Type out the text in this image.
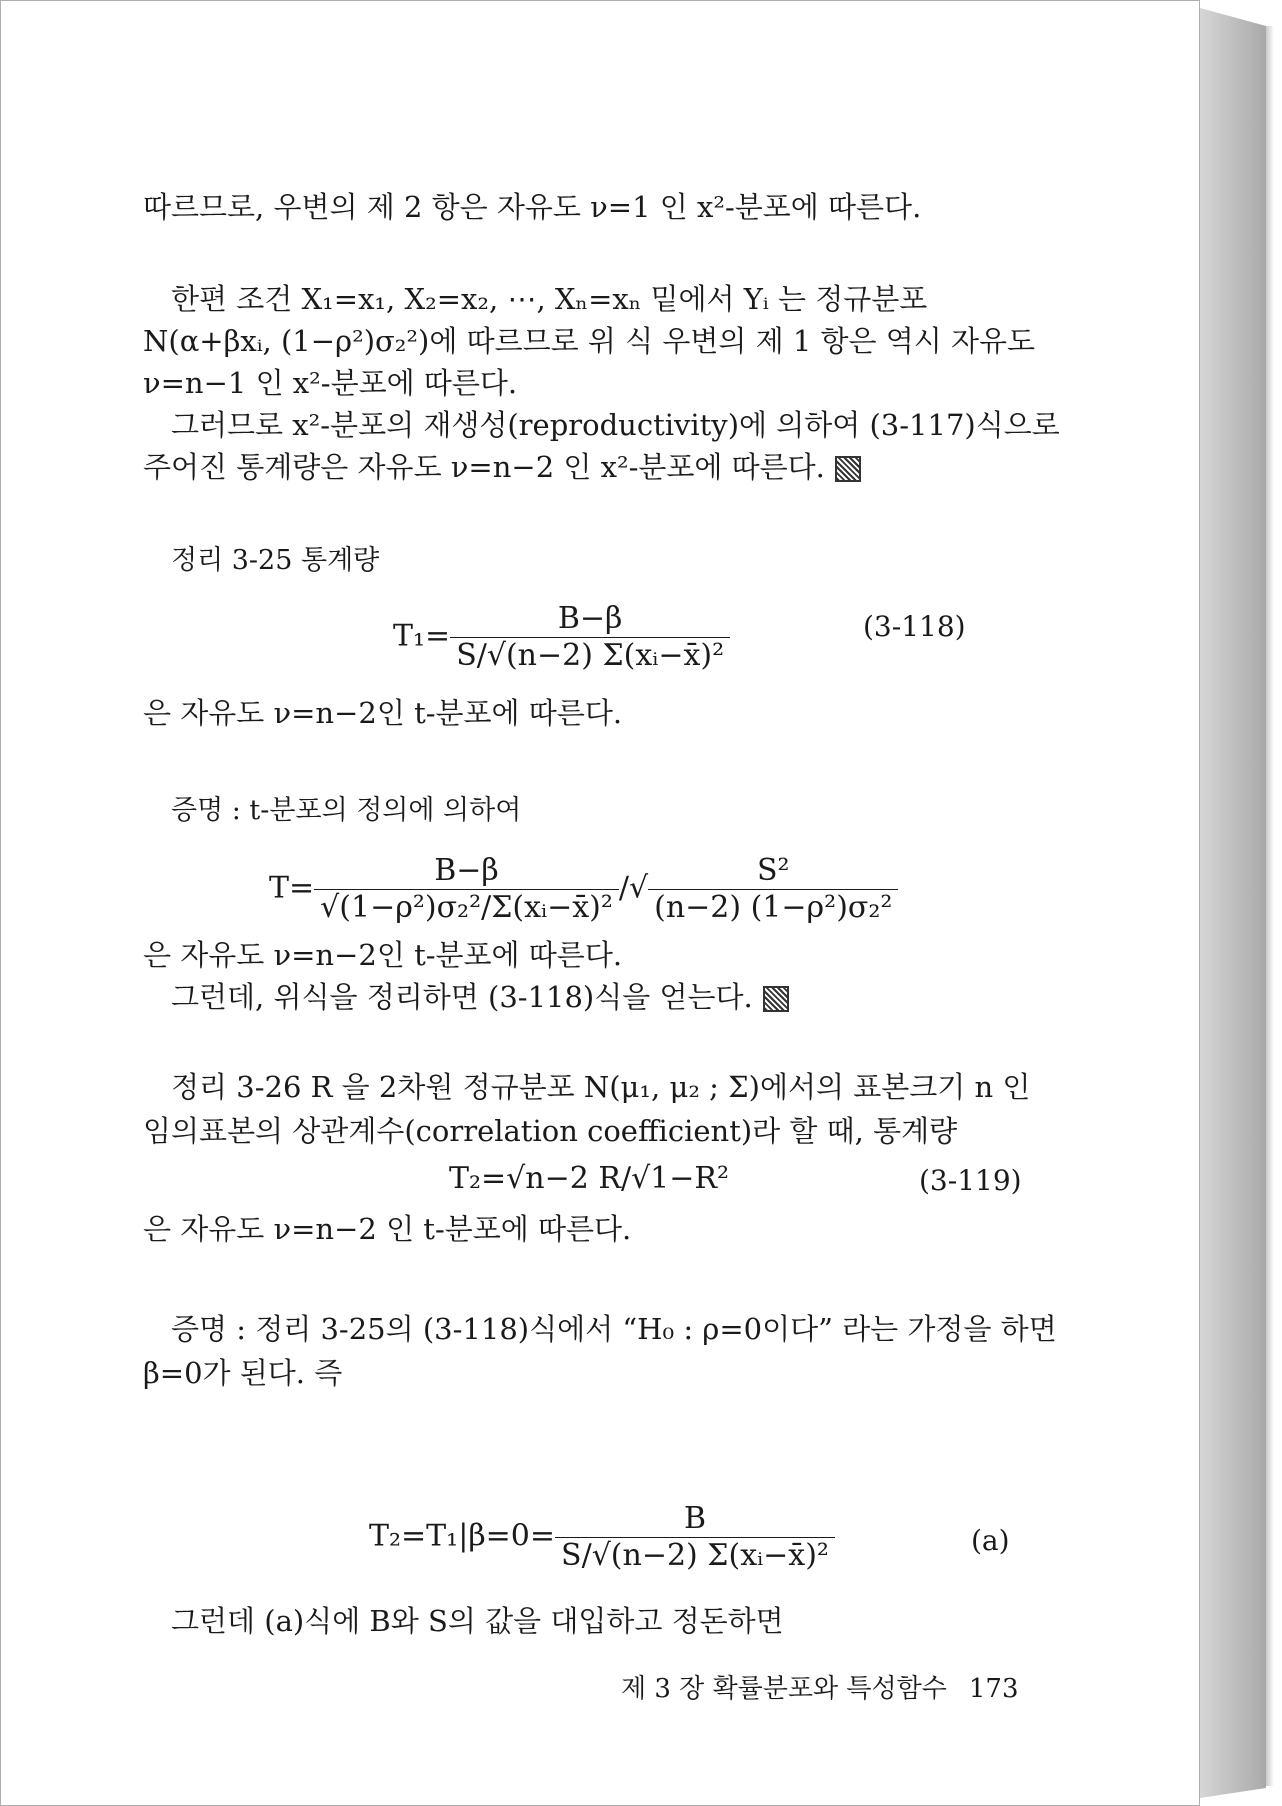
따르므로, 우변의 제 2 항은 자유도 ν=1 인 x²-분포에 따른다.
한편 조건 X₁=x₁, X₂=x₂, ⋯, Xₙ=xₙ 밑에서 Yᵢ 는 정규분포
N(α+βxᵢ, (1−ρ²)σ₂²)에 따르므로 위 식 우변의 제 1 항은 역시 자유도
ν=n−1 인 x²-분포에 따른다.
그러므로 x²-분포의 재생성(reproductivity)에 의하여 (3-117)식으로
주어진 통계량은 자유도 ν=n−2 인 x²-분포에 따른다.
정리 3-25 통계량
$T_1= \frac{B-\beta}{\text{S/√(n−2) Σ(xᵢ−x̄)²}}$	(3-118)
은 자유도 ν=n−2인 t-분포에 따른다.
증명 : t-분포의 정의에 의하여
$T= \frac{B-\beta}{\text{√(1−ρ²)σ₂²/Σ(xᵢ−x̄)²}}$ /√ $\frac{\text{S²}}{\text{(n−2) (1−ρ²)σ₂²}}$
은 자유도 ν=n−2인 t-분포에 따른다.
그런데, 위식을 정리하면 (3-118)식을 얻는다.
정리 3-26 R 을 2차원 정규분포 N(μ₁, μ₂ ; Σ)에서의 표본크기 n 인
임의표본의 상관계수(correlation coefficient)라 할 때, 통계량
T₂=√n−2 R/√1−R²	(3-119)
은 자유도 ν=n−2 인 t-분포에 따른다.
증명 : 정리 3-25의 (3-118)식에서 “H₀ : ρ=0이다” 라는 가정을 하면
β=0가 된다. 즉
$T_2=T_1|\beta=0= \frac{B}{\text{S/√(n−2) Σ(xᵢ−x̄)²}}$	(a)
그런데 (a)식에 B와 S의 값을 대입하고 정돈하면
제 3 장 확률분포와 특성함수 173
